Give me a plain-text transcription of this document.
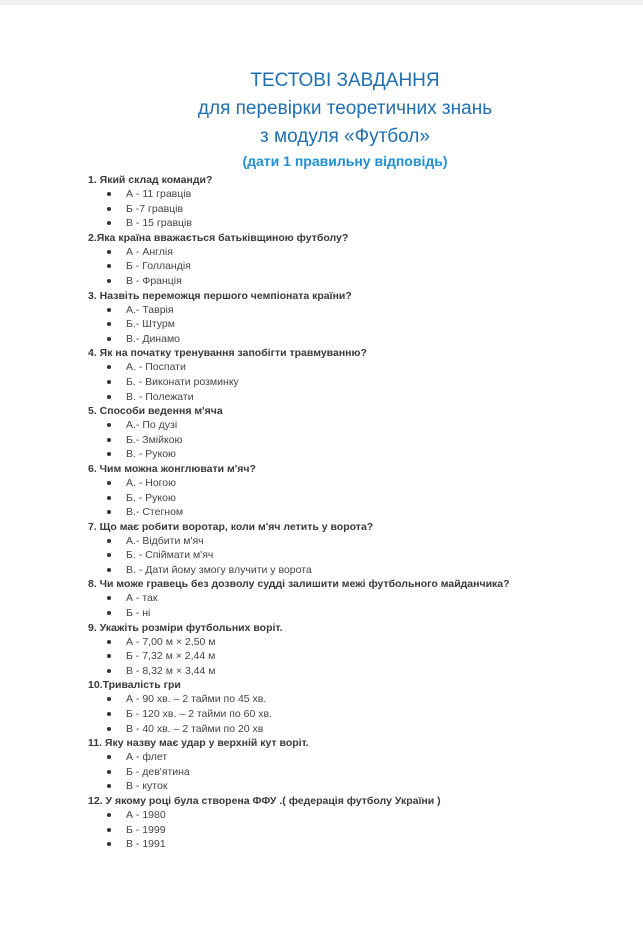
ТЕСТОВІ ЗАВДАННЯ
для перевірки теоретичних знань
з модуля «Футбол»
(дати 1 правильну відповідь)
1. Який склад команди?
А - 11 гравців
Б -7 гравців
В - 15 гравців
2.Яка країна вважається батьківщиною футболу?
А - Англія
Б - Голландія
В - Франція
3. Назвіть переможця першого чемпіоната країни?
А.- Таврія
Б.- Штурм
В.- Динамо
4. Як на початку тренування запобігти травмуванню?
А. - Поспати
Б. - Виконати розминку
В. - Полежати
5. Способи ведення м'яча
А.- По дузі
Б.- Змійкою
В. - Рукою
6. Чим можна жонглювати м'яч?
А. - Ногою
Б. - Рукою
В.- Стегном
7. Що має робити воротар, коли м'яч летить у ворота?
А.- Відбити м'яч
Б. - Спіймати м'яч
В. - Дати йому змогу влучити у ворота
8. Чи може гравець без дозволу судді залишити межі футбольного майданчика?
А - так
Б - ні
9. Укажіть розміри футбольних воріт.
А - 7,00 м × 2,50 м
Б - 7,32 м × 2,44 м
В - 8,32 м × 3,44 м
10.Тривалість гри
А - 90 хв. – 2 тайми по 45 хв.
Б - 120 хв. – 2 тайми по 60 хв.
В - 40 хв. – 2 тайми по 20 хв
11. Яку назву має удар у верхній кут воріт.
А - флет
Б - дев'ятина
В - куток
12. У якому році була створена ФФУ .( федерація футболу України )
А - 1980
Б - 1999
В - 1991
